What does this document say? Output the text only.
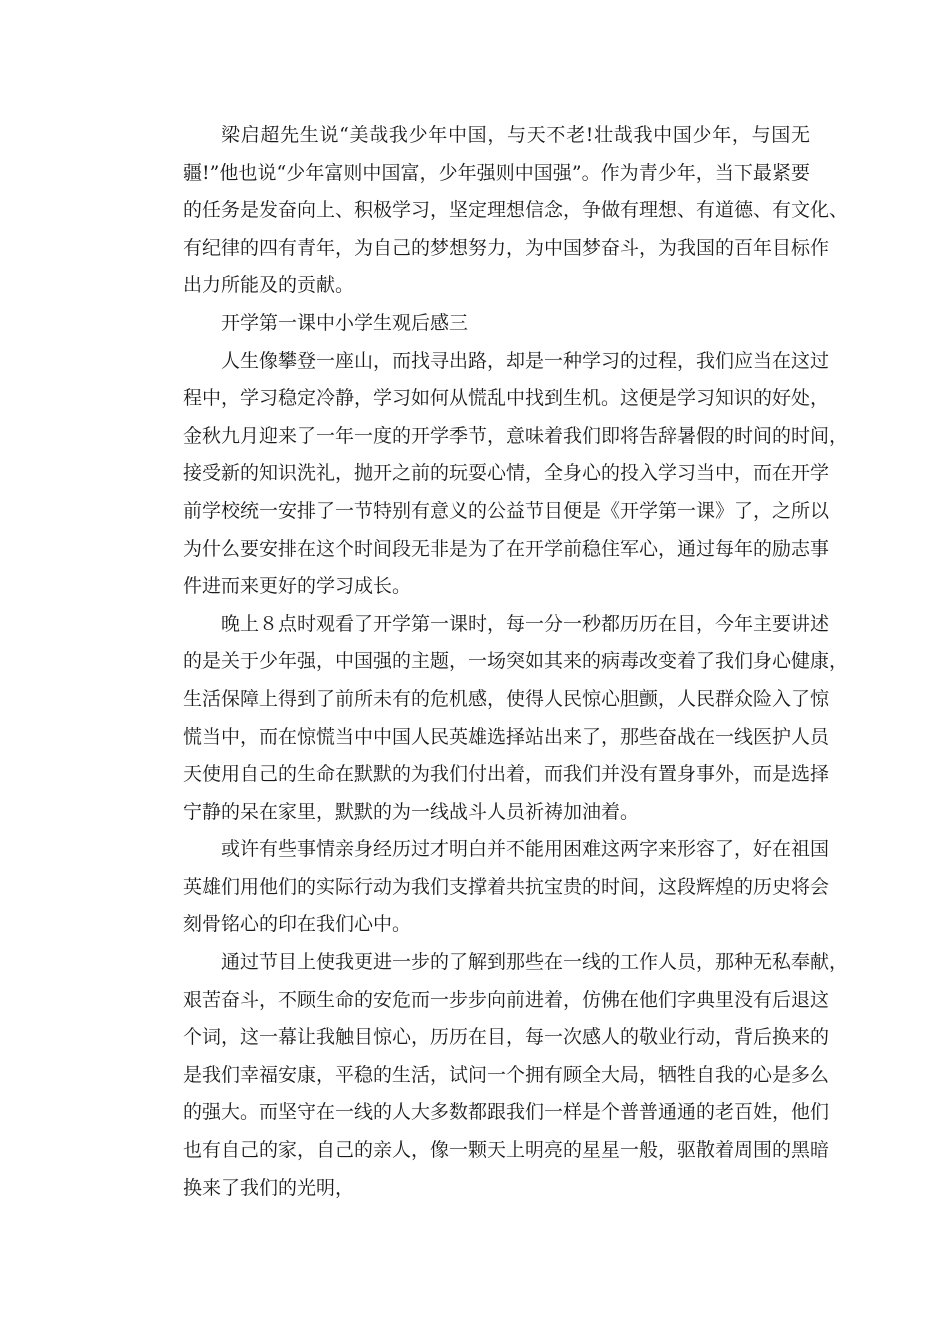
梁启超先生说“美哉我少年中国，与天不老!壮哉我中国少年，与国无
疆!”他也说“少年富则中国富，少年强则中国强”。作为青少年，当下最紧要
的任务是发奋向上、积极学习，坚定理想信念，争做有理想、有道德、有文化、
有纪律的四有青年，为自己的梦想努力，为中国梦奋斗，为我国的百年目标作
出力所能及的贡献。
开学第一课中小学生观后感三
人生像攀登一座山，而找寻出路，却是一种学习的过程，我们应当在这过
程中，学习稳定冷静，学习如何从慌乱中找到生机。这便是学习知识的好处，
金秋九月迎来了一年一度的开学季节，意味着我们即将告辞暑假的时间的时间，
接受新的知识洗礼，抛开之前的玩耍心情，全身心的投入学习当中，而在开学
前学校统一安排了一节特别有意义的公益节目便是《开学第一课》了，之所以
为什么要安排在这个时间段无非是为了在开学前稳住军心，通过每年的励志事
件进而来更好的学习成长。
晚上８点时观看了开学第一课时，每一分一秒都历历在目，今年主要讲述
的是关于少年强，中国强的主题，一场突如其来的病毒改变着了我们身心健康，
生活保障上得到了前所未有的危机感，使得人民惊心胆颤，人民群众险入了惊
慌当中，而在惊慌当中中国人民英雄选择站出来了，那些奋战在一线医护人员
天使用自己的生命在默默的为我们付出着，而我们并没有置身事外，而是选择
宁静的呆在家里，默默的为一线战斗人员祈祷加油着。
或许有些事情亲身经历过才明白并不能用困难这两字来形容了，好在祖国
英雄们用他们的实际行动为我们支撑着共抗宝贵的时间，这段辉煌的历史将会
刻骨铭心的印在我们心中。
通过节目上使我更进一步的了解到那些在一线的工作人员，那种无私奉献，
艰苦奋斗，不顾生命的安危而一步步向前进着，仿佛在他们字典里没有后退这
个词，这一幕让我触目惊心，历历在目，每一次感人的敬业行动，背后换来的
是我们幸福安康，平稳的生活，试问一个拥有顾全大局，牺牲自我的心是多么
的强大。而坚守在一线的人大多数都跟我们一样是个普普通通的老百姓，他们
也有自己的家，自己的亲人，像一颗天上明亮的星星一般，驱散着周围的黑暗
换来了我们的光明，
